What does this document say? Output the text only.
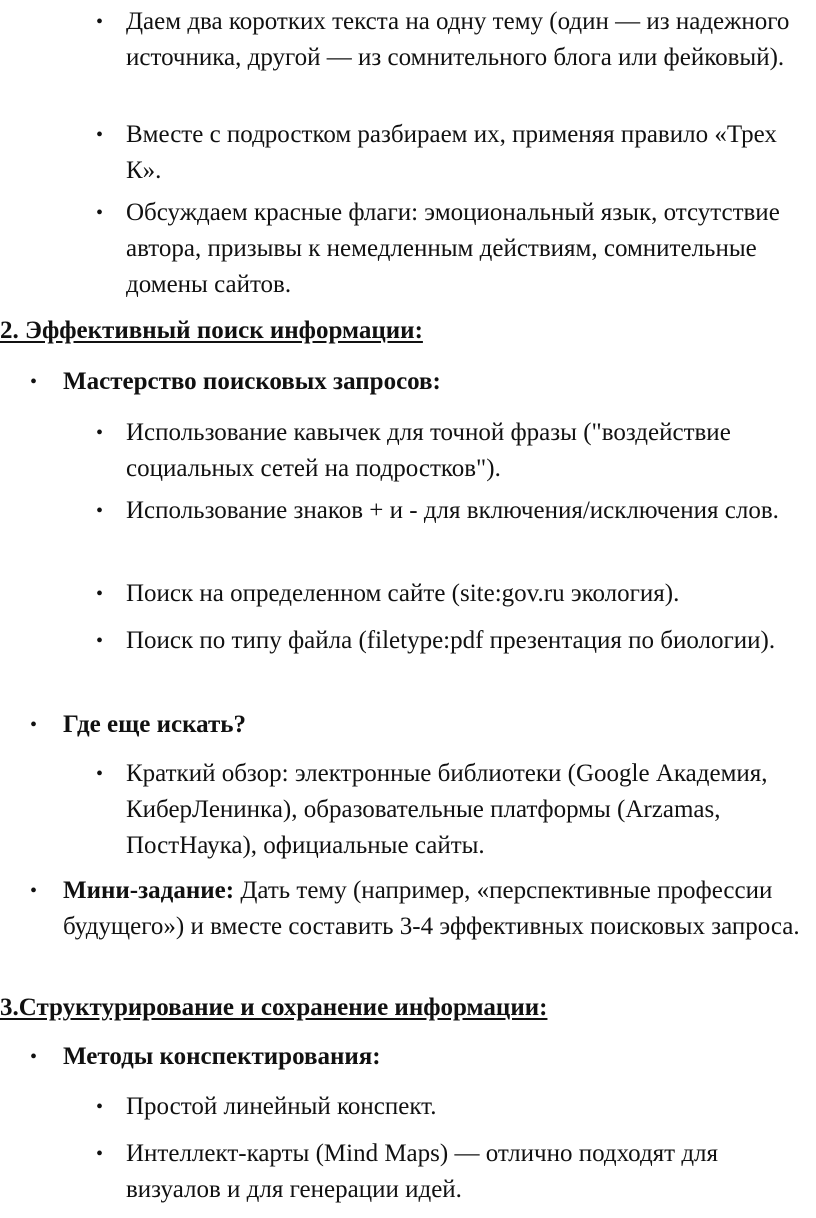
• Даем два коротких текста на одну тему (один — из надежного источника, другой — из сомнительного блога или фейковый).
• Вместе с подростком разбираем их, применяя правило «Трех К».
• Обсуждаем красные флаги: эмоциональный язык, отсутствие автора, призывы к немедленным действиям, сомнительные домены сайтов.
2. Эффективный поиск информации:
• Мастерство поисковых запросов:
• Использование кавычек для точной фразы ("воздействие социальных сетей на подростков").
• Использование знаков + и - для включения/исключения слов.
• Поиск на определенном сайте (site:gov.ru экология).
• Поиск по типу файла (filetype:pdf презентация по биологии).
• Где еще искать?
• Краткий обзор: электронные библиотеки (Google Академия, КиберЛенинка), образовательные платформы (Arzamas, ПостНаука), официальные сайты.
• Мини-задание: Дать тему (например, «перспективные профессии будущего») и вместе составить 3-4 эффективных поисковых запроса.
3.Структурирование и сохранение информации:
• Методы конспектирования:
• Простой линейный конспект.
• Интеллект-карты (Mind Maps) — отлично подходят для визуалов и для генерации идей.
